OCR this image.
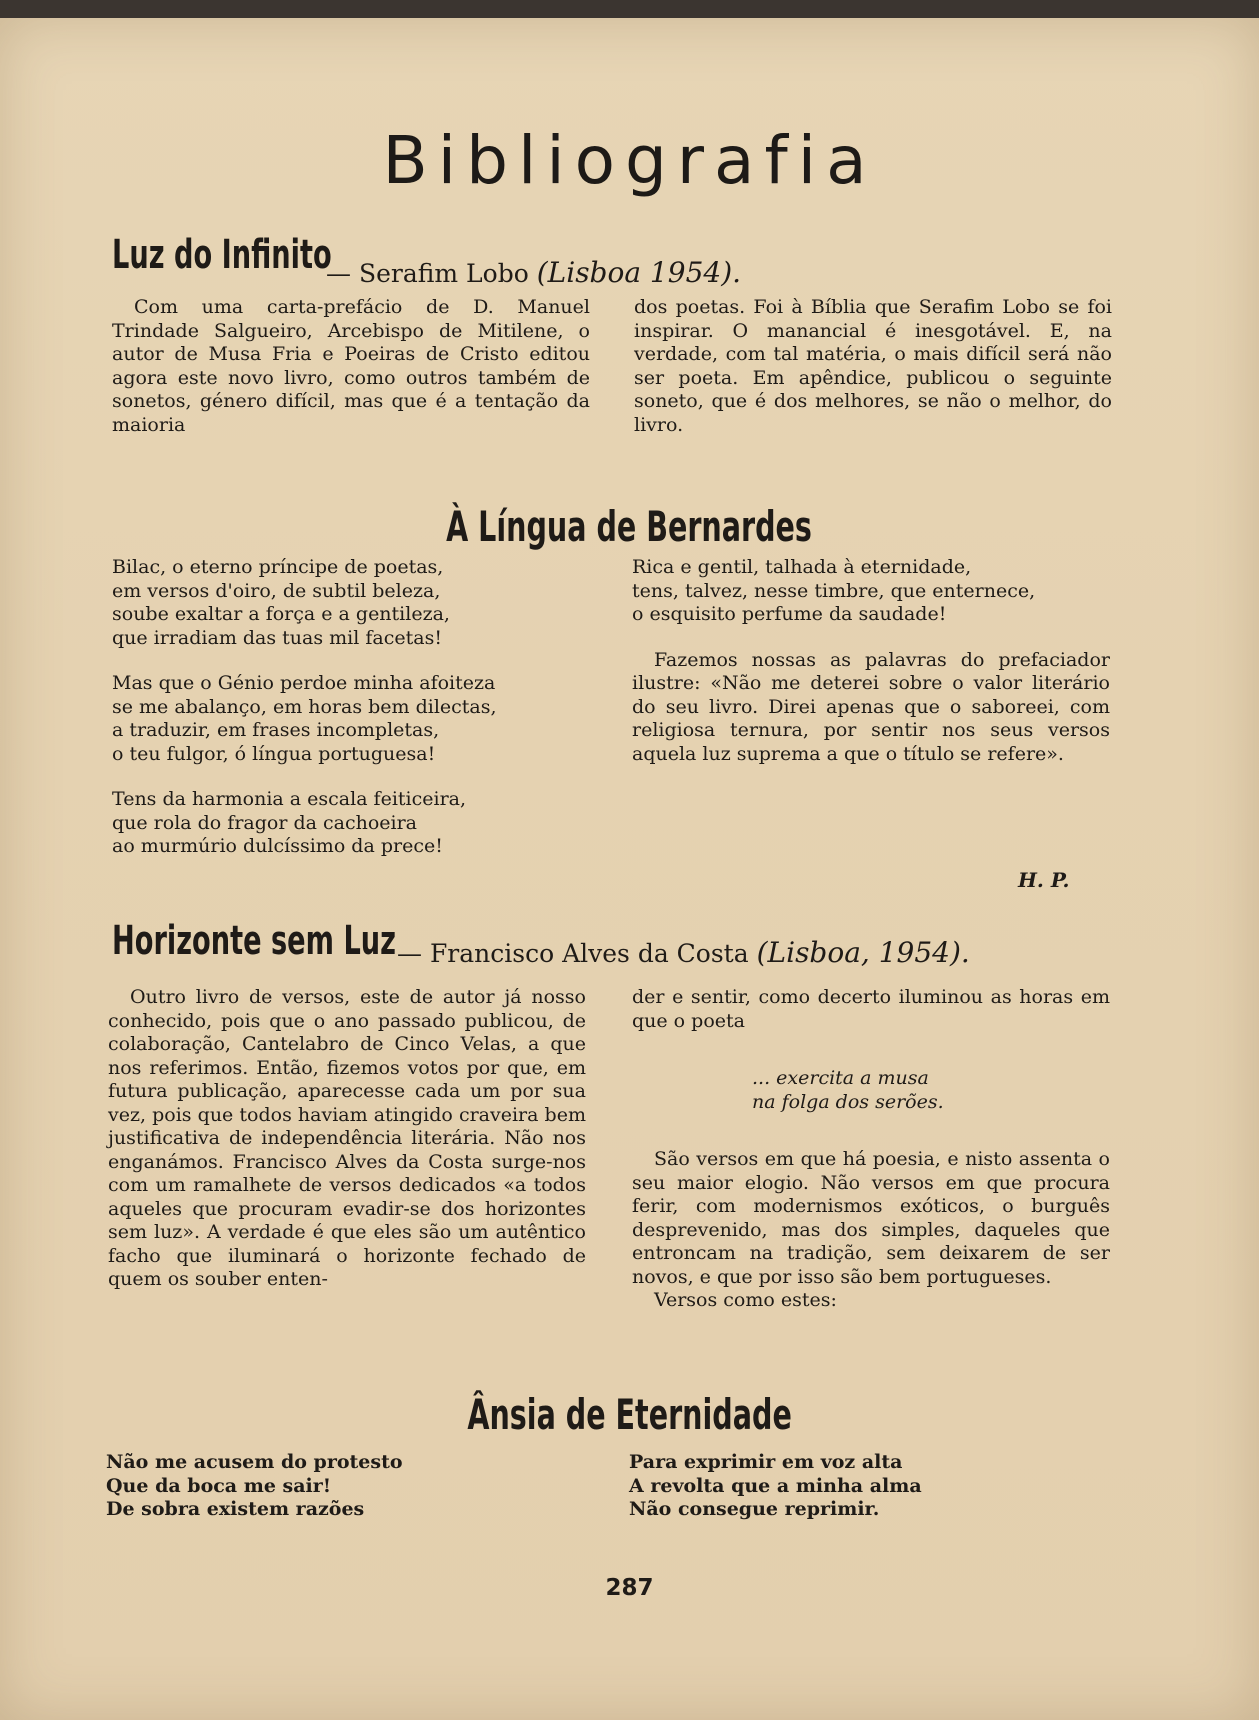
Bibliografia
Luz do Infinito
— Serafim Lobo (Lisboa 1954).

Com uma carta-prefácio de D. Manuel Trindade Salgueiro, Arcebispo de Mitilene, o autor de Musa Fria e Poeiras de Cristo editou agora este novo livro, como outros também de sonetos, género difícil, mas que é a tentação da maioria

dos poetas. Foi à Bíblia que Serafim Lobo se foi inspirar. O manancial é inesgotável. E, na verdade, com tal matéria, o mais difícil será não ser poeta. Em apêndice, publicou o seguinte soneto, que é dos melhores, se não o melhor, do livro.

À Língua de Bernardes
Bilac, o eterno príncipe de poetas,
em versos d'oiro, de subtil beleza,
soube exaltar a força e a gentileza,
que irradiam das tuas mil facetas!
Mas que o Génio perdoe minha afoiteza
se me abalanço, em horas bem dilectas,
a traduzir, em frases incompletas,
o teu fulgor, ó língua portuguesa!
Tens da harmonia a escala feiticeira,
que rola do fragor da cachoeira
ao murmúrio dulcíssimo da prece!
Rica e gentil, talhada à eternidade,
tens, talvez, nesse timbre, que enternece,
o esquisito perfume da saudade!

Fazemos nossas as palavras do prefaciador ilustre: «Não me deterei sobre o valor literário do seu livro. Direi apenas que o saboreei, com religiosa ternura, por sentir nos seus versos aquela luz suprema a que o título se refere».

H. P.
Horizonte sem Luz — Francisco Alves da Costa (Lisboa, 1954).

Outro livro de versos, este de autor já nosso conhecido, pois que o ano passado publicou, de colaboração, Cantelabro de Cinco Velas, a que nos referimos. Então, fizemos votos por que, em futura publicação, aparecesse cada um por sua vez, pois que todos haviam atingido craveira bem justificativa de independência literária. Não nos enganámos. Francisco Alves da Costa surge-nos com um ramalhete de versos dedicados «a todos aqueles que procuram evadir-se dos horizontes sem luz». A verdade é que eles são um autêntico facho que iluminará o horizonte fechado de quem os souber enten-

der e sentir, como decerto iluminou as horas em que o poeta

... exercita a musa
na folga dos serões.

São versos em que há poesia, e nisto assenta o seu maior elogio. Não versos em que procura ferir, com modernismos exóticos, o burguês desprevenido, mas dos simples, daqueles que entroncam na tradição, sem deixarem de ser novos, e que por isso são bem portugueses.

Versos como estes:

Ânsia de Eternidade
Não me acusem do protesto
Que da boca me sair!
De sobra existem razões
Para exprimir em voz alta
A revolta que a minha alma
Não consegue reprimir.
287
